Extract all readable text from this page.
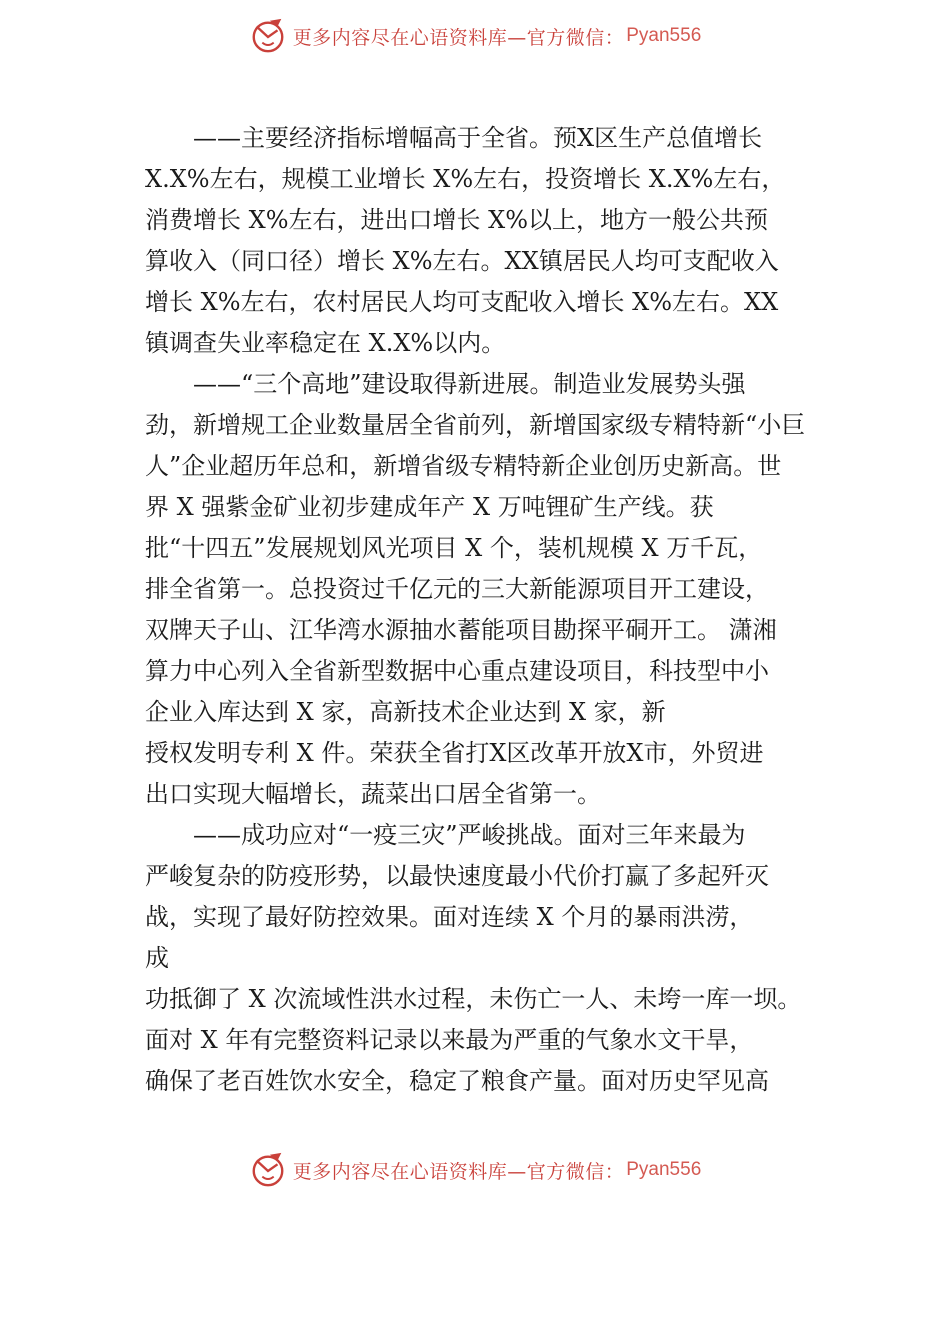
更多内容尽在心语资料库—官方微信： Pyan556
——主要经济指标增幅高于全省。预X区生产总值增长
X.X%左右，规模工业增长 X%左右，投资增长 X.X%左右，
消费增长 X%左右，进出口增长 X%以上，地方一般公共预
算收入（同口径）增长 X%左右。XX镇居民人均可支配收入
增长 X%左右，农村居民人均可支配收入增长 X%左右。XX
镇调查失业率稳定在 X.X%以内。
——“三个高地”建设取得新进展。制造业发展势头强
劲，新增规工企业数量居全省前列，新增国家级专精特新“小巨
人”企业超历年总和，新增省级专精特新企业创历史新高。世
界 X 强紫金矿业初步建成年产 X 万吨锂矿生产线。获
批“十四五”发展规划风光项目 X 个，装机规模 X 万千瓦，
排全省第一。总投资过千亿元的三大新能源项目开工建设，
双牌天子山、江华湾水源抽水蓄能项目勘探平硐开工。 潇湘
算力中心列入全省新型数据中心重点建设项目，科技型中小
企业入库达到 X 家，高新技术企业达到 X 家，新
授权发明专利 X 件。荣获全省打X区改革开放X市，外贸进
出口实现大幅增长，蔬菜出口居全省第一。
——成功应对“一疫三灾”严峻挑战。面对三年来最为
严峻复杂的防疫形势，以最快速度最小代价打赢了多起歼灭
战，实现了最好防控效果。面对连续 X 个月的暴雨洪涝，
成
功抵御了 X 次流域性洪水过程，未伤亡一人、未垮一库一坝。
面对 X 年有完整资料记录以来最为严重的气象水文干旱，
确保了老百姓饮水安全，稳定了粮食产量。面对历史罕见高
更多内容尽在心语资料库—官方微信： Pyan556
